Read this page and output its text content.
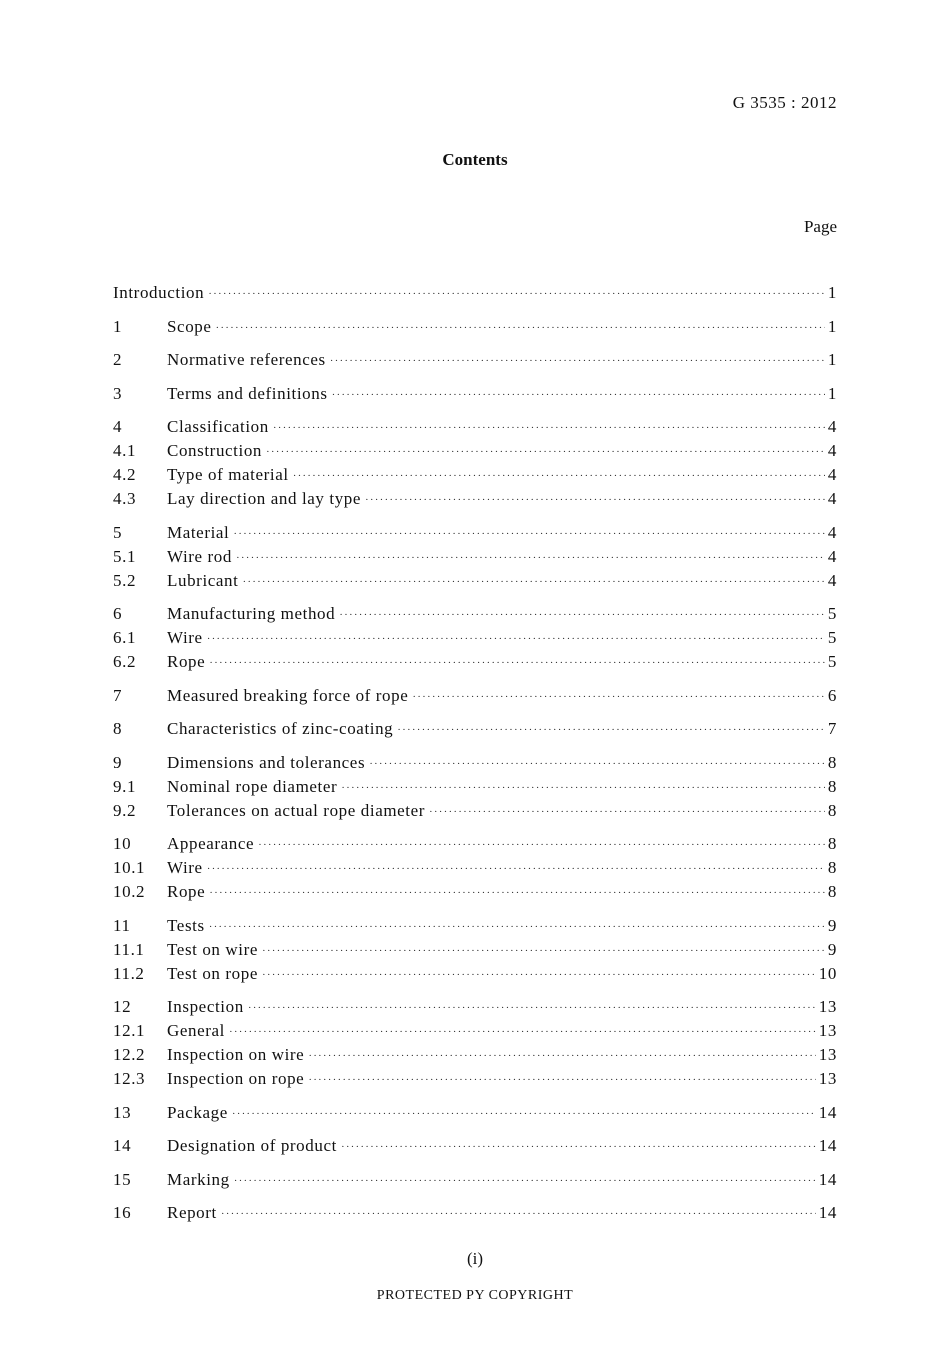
G 3535 : 2012
Contents
Page
Introduction ·····	1
1	Scope ·····	1
2	Normative references ·····	1
3	Terms and definitions ·····	1
4	Classification ·····	4
4.1	Construction ·····	4
4.2	Type of material ·····	4
4.3	Lay direction and lay type ·····	4
5	Material ·····	4
5.1	Wire rod ·····	4
5.2	Lubricant ·····	4
6	Manufacturing method ·····	5
6.1	Wire ·····	5
6.2	Rope ·····	5
7	Measured breaking force of rope ·····	6
8	Characteristics of zinc-coating ·····	7
9	Dimensions and tolerances ·····	8
9.1	Nominal rope diameter ·····	8
9.2	Tolerances on actual rope diameter ·····	8
10	Appearance ·····	8
10.1	Wire ·····	8
10.2	Rope ·····	8
11	Tests ·····	9
11.1	Test on wire ·····	9
11.2	Test on rope ·····	10
12	Inspection ·····	13
12.1	General ·····	13
12.2	Inspection on wire ·····	13
12.3	Inspection on rope ·····	13
13	Package ·····	14
14	Designation of product ·····	14
15	Marking ·····	14
16	Report ·····	14
(i)
PROTECTED PY COPYRIGHT
